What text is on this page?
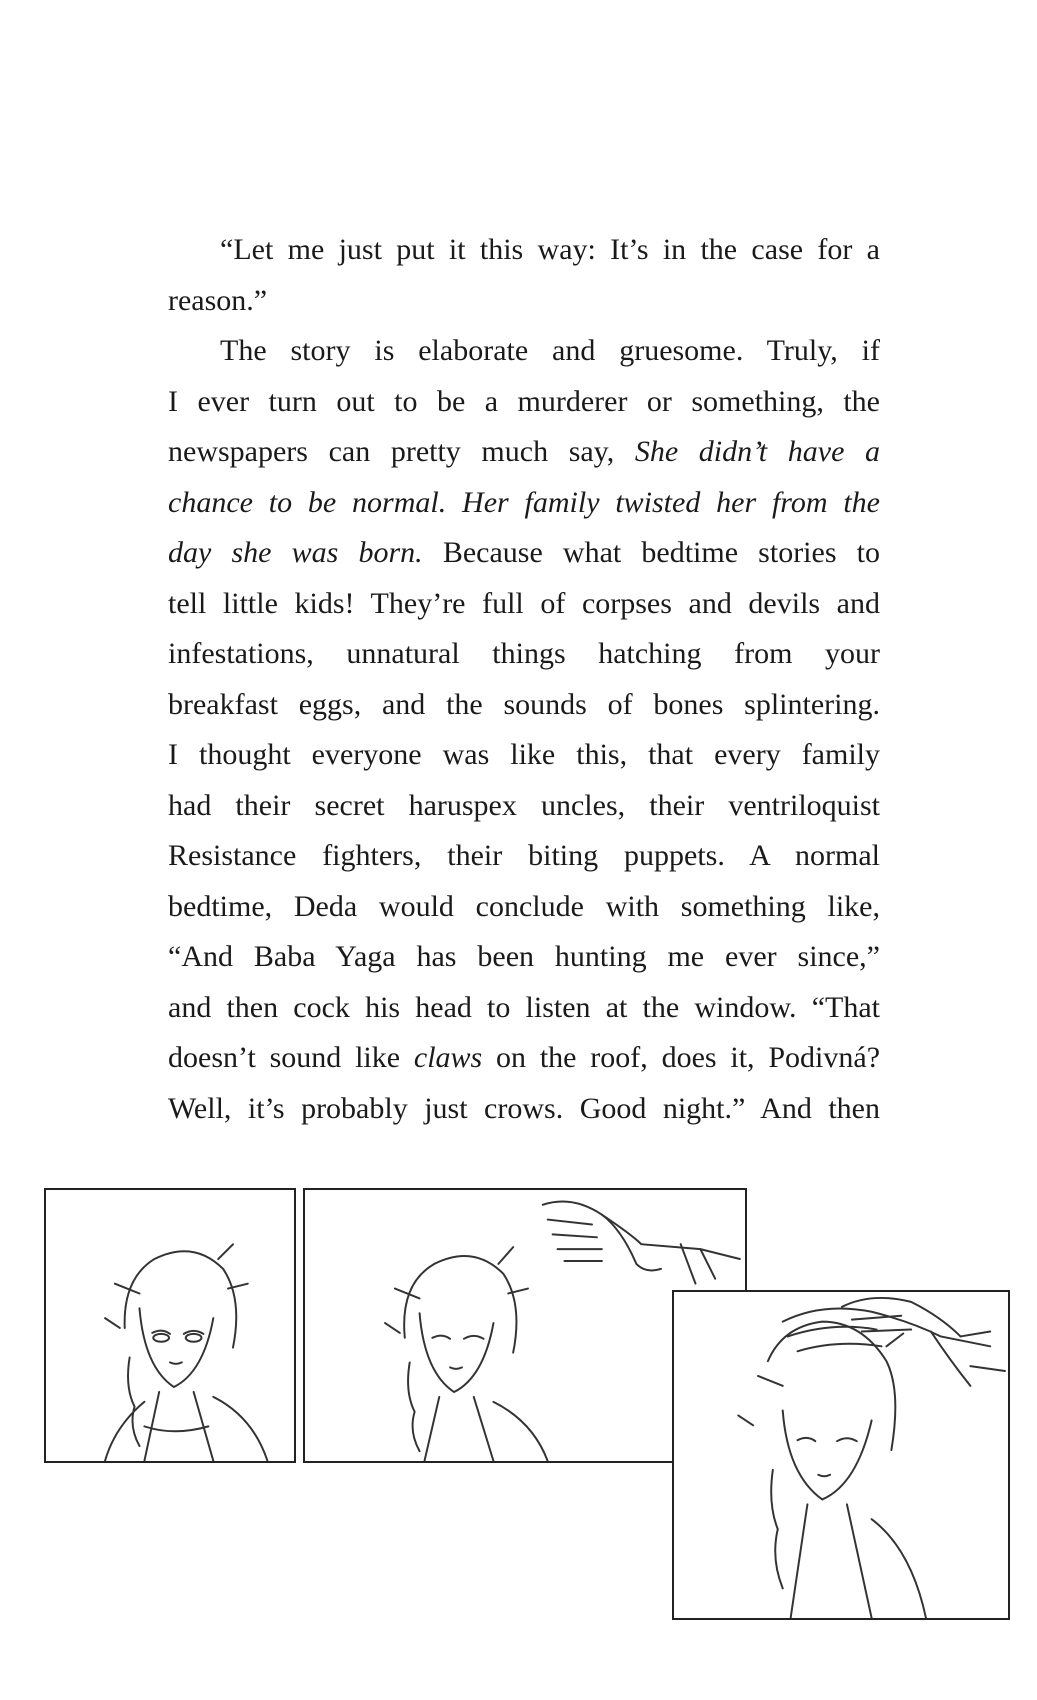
“Let me just put it this way: It’s in the case for a
reason.”

The story is elaborate and gruesome. Truly, if
I ever turn out to be a murderer or something, the
newspapers can pretty much say, She didn’t have a
chance to be normal. Her family twisted her from the
day she was born. Because what bedtime stories to
tell little kids! They’re full of corpses and devils and
infestations, unnatural things hatching from your
breakfast eggs, and the sounds of bones splintering.
I thought everyone was like this, that every family
had their secret haruspex uncles, their ventriloquist
Resistance fighters, their biting puppets. A normal
bedtime, Deda would conclude with something like,
“And Baba Yaga has been hunting me ever since,”
and then cock his head to listen at the window. “That
doesn’t sound like claws on the roof, does it, Podivná?
Well, it’s probably just crows. Good night.” And then
